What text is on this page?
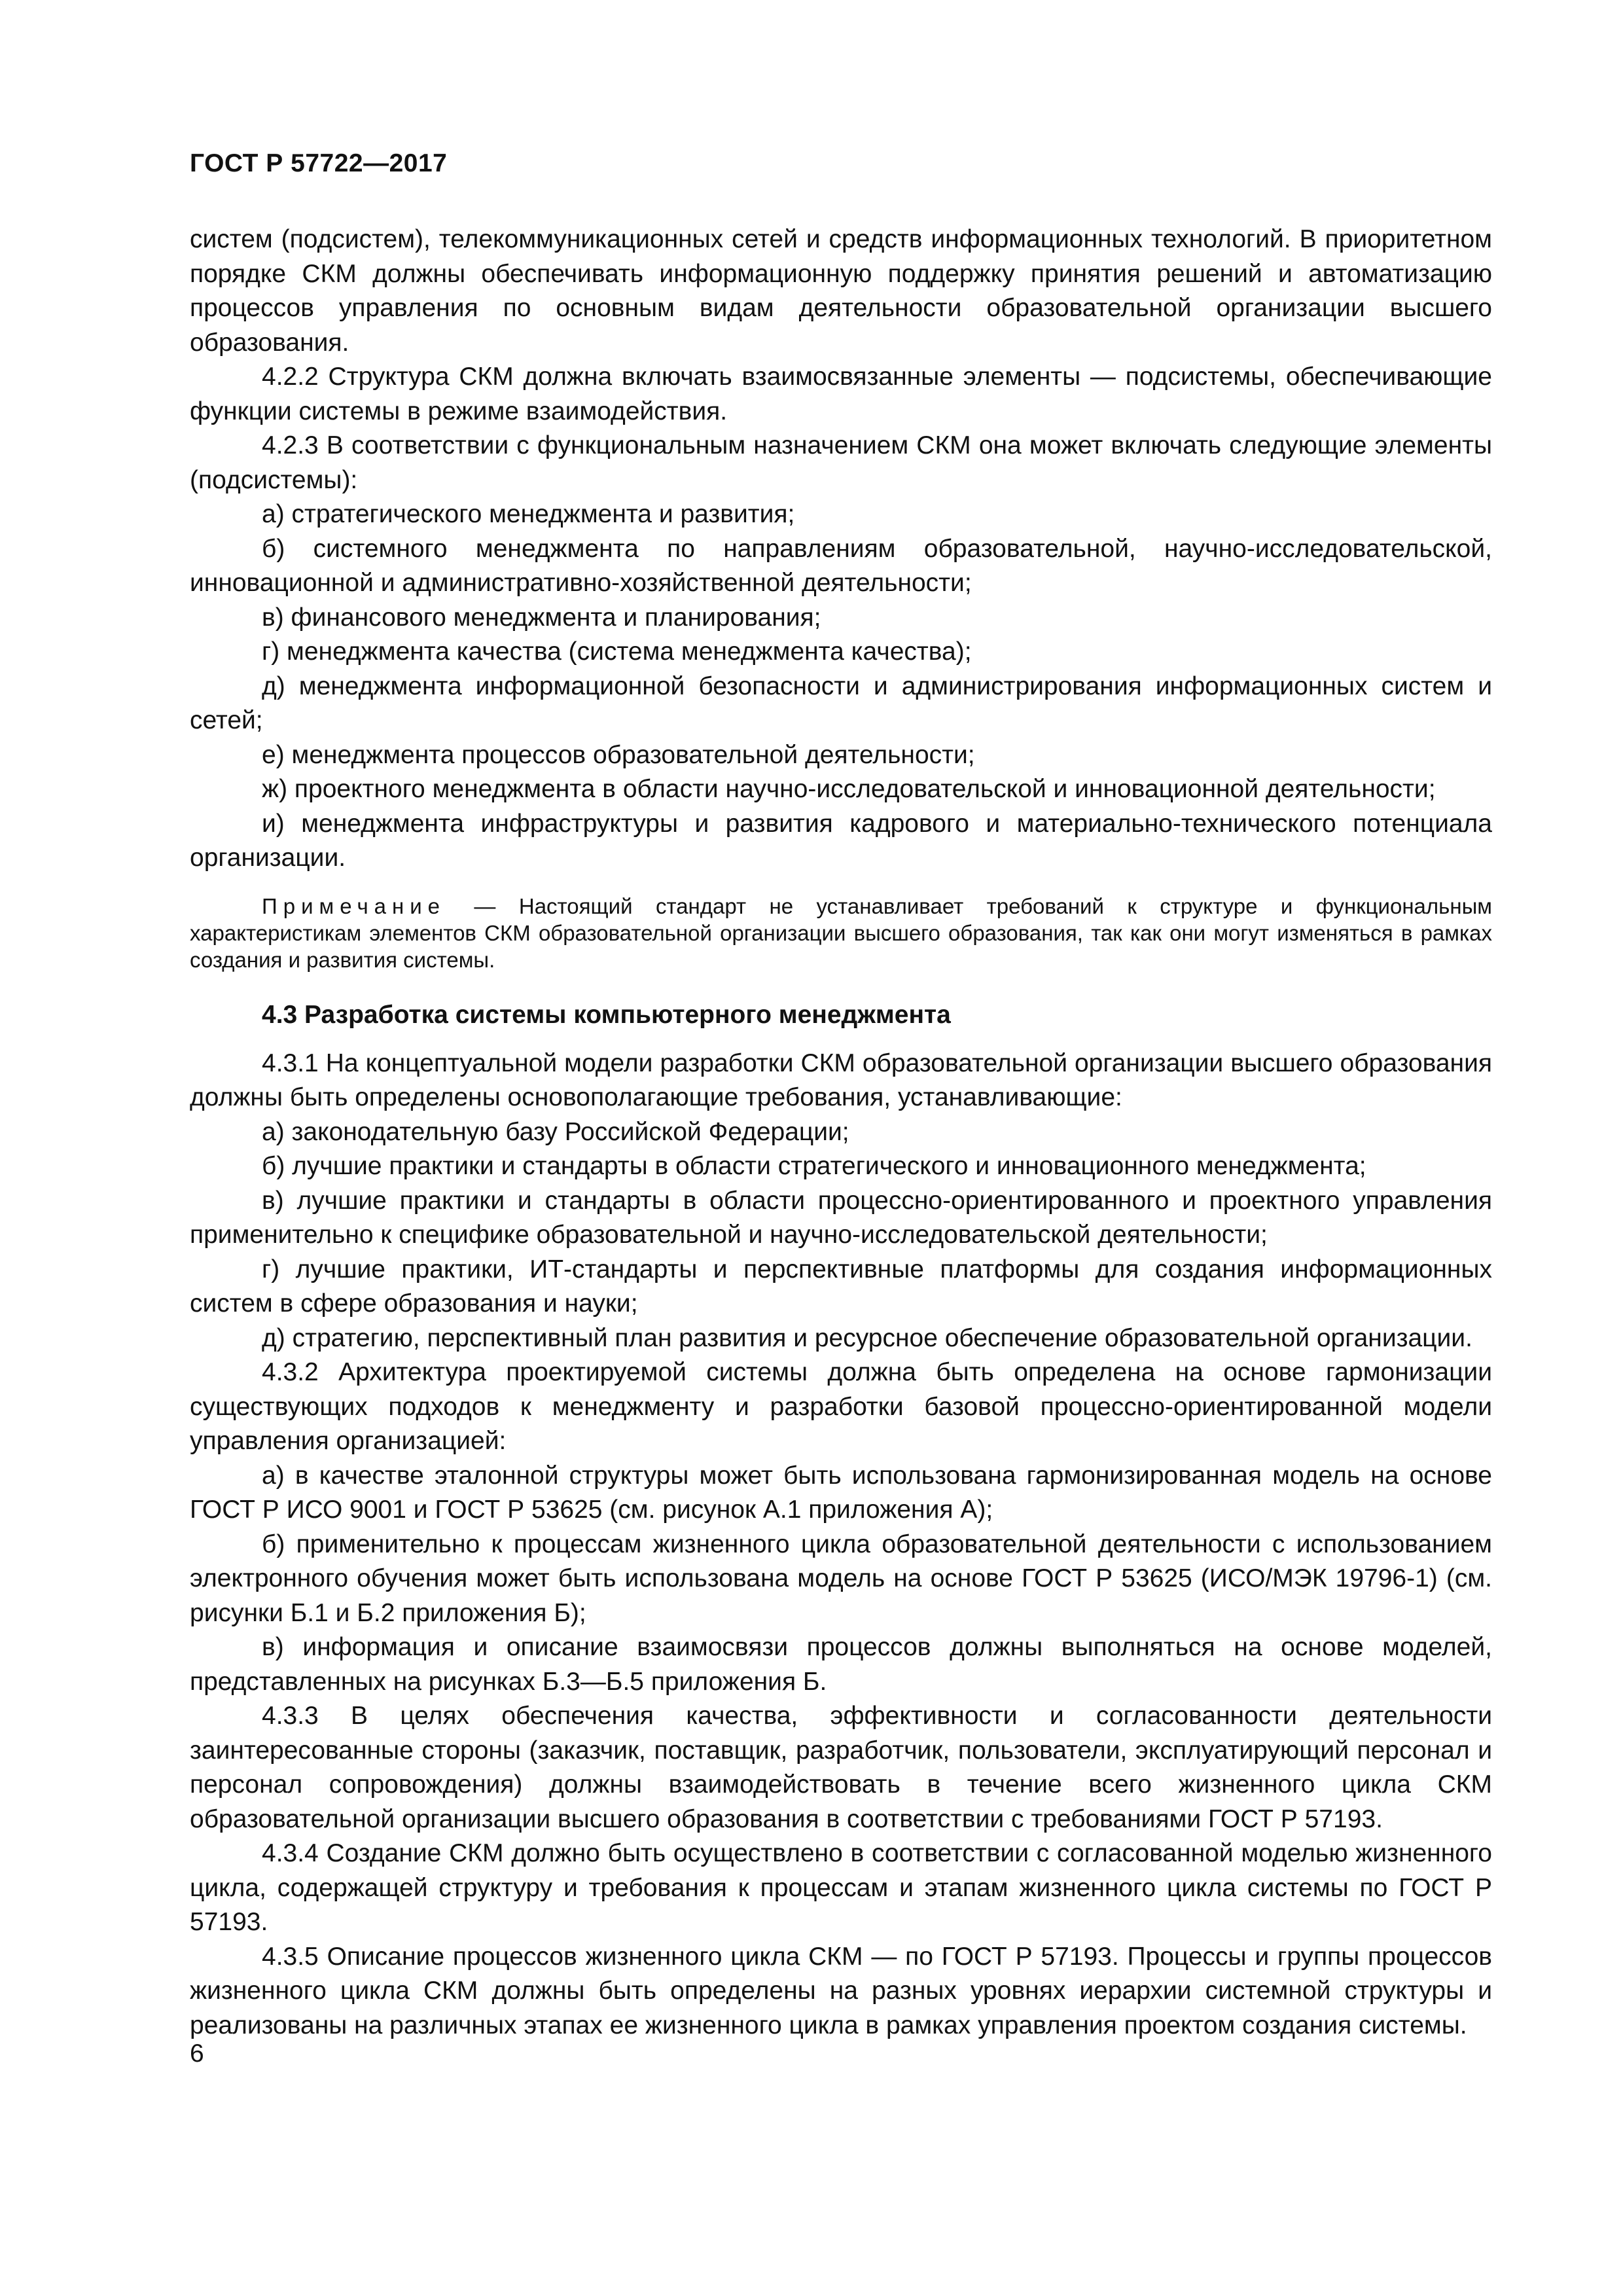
ГОСТ Р 57722—2017

систем (подсистем), телекоммуникационных сетей и средств информационных технологий. В приоритетном порядке СКМ должны обеспечивать информационную поддержку принятия решений и автоматизацию процессов управления по основным видам деятельности образовательной организации высшего образования.

4.2.2 Структура СКМ должна включать взаимосвязанные элементы — подсистемы, обеспечивающие функции системы в режиме взаимодействия.

4.2.3 В соответствии с функциональным назначением СКМ она может включать следующие элементы (подсистемы):

а) стратегического менеджмента и развития;

б) системного менеджмента по направлениям образовательной, научно-исследовательской, инновационной и административно-хозяйственной деятельности;

в) финансового менеджмента и планирования;

г) менеджмента качества (система менеджмента качества);

д) менеджмента информационной безопасности и администрирования информационных систем и сетей;

е) менеджмента процессов образовательной деятельности;

ж) проектного менеджмента в области научно-исследовательской и инновационной деятельности;

и) менеджмента инфраструктуры и развития кадрового и материально-технического потенциала организации.

Примечание — Настоящий стандарт не устанавливает требований к структуре и функциональным характеристикам элементов СКМ образовательной организации высшего образования, так как они могут изменяться в рамках создания и развития системы.
4.3 Разработка системы компьютерного менеджмента

4.3.1 На концептуальной модели разработки СКМ образовательной организации высшего образования должны быть определены основополагающие требования, устанавливающие:

а) законодательную базу Российской Федерации;

б) лучшие практики и стандарты в области стратегического и инновационного менеджмента;

в) лучшие практики и стандарты в области процессно-ориентированного и проектного управления применительно к специфике образовательной и научно-исследовательской деятельности;

г) лучшие практики, ИТ-стандарты и перспективные платформы для создания информационных систем в сфере образования и науки;

д) стратегию, перспективный план развития и ресурсное обеспечение образовательной организации.

4.3.2 Архитектура проектируемой системы должна быть определена на основе гармонизации существующих подходов к менеджменту и разработки базовой процессно-ориентированной модели управления организацией:

а) в качестве эталонной структуры может быть использована гармонизированная модель на основе ГОСТ Р ИСО 9001 и ГОСТ Р 53625 (см. рисунок А.1 приложения А);

б) применительно к процессам жизненного цикла образовательной деятельности с использованием электронного обучения может быть использована модель на основе ГОСТ Р 53625 (ИСО/МЭК 19796-1) (см. рисунки Б.1 и Б.2 приложения Б);

в) информация и описание взаимосвязи процессов должны выполняться на основе моделей, представленных на рисунках Б.3—Б.5 приложения Б.

4.3.3 В целях обеспечения качества, эффективности и согласованности деятельности заинтересованные стороны (заказчик, поставщик, разработчик, пользователи, эксплуатирующий персонал и персонал сопровождения) должны взаимодействовать в течение всего жизненного цикла СКМ образовательной организации высшего образования в соответствии с требованиями ГОСТ Р 57193.

4.3.4 Создание СКМ должно быть осуществлено в соответствии с согласованной моделью жизненного цикла, содержащей структуру и требования к процессам и этапам жизненного цикла системы по ГОСТ Р 57193.

4.3.5 Описание процессов жизненного цикла СКМ — по ГОСТ Р 57193. Процессы и группы процессов жизненного цикла СКМ должны быть определены на разных уровнях иерархии системной структуры и реализованы на различных этапах ее жизненного цикла в рамках управления проектом создания системы.

6
